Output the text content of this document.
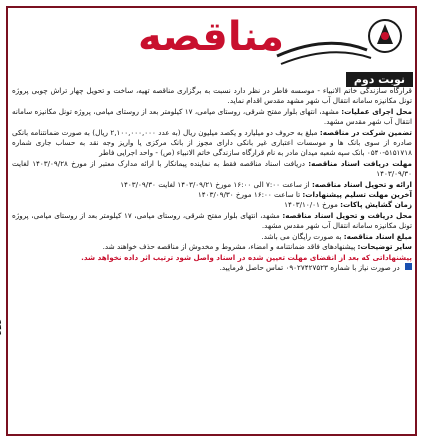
مناقصه
نوبت دوم

قرارگاه سازندگی خاتم الانبیاء - موسسه فاطر در نظر دارد نسبت به برگزاری مناقصه تهیه، ساخت و تحویل چهار تراش چوبی پروژه تونل مکانیزه سامانه انتقال آب شهر مشهد مقدس اقدام نماید.

محل اجرای عملیات: مشهد، انتهای بلوار مفتح شرقی، روستای میامی، ۱۷ کیلومتر بعد از روستای میامی، پروژه تونل مکانیزه سامانه انتقال آب شهر مقدس مشهد.

تضمین شرکت در مناقصه: مبلغ به حروف دو میلیارد و یکصد میلیون ریال (به عدد ۲,۱۰۰,۰۰۰,۰۰۰ ریال) به صورت ضمانتنامه بانکی صادره از سوی بانک ها و موسسات اعتباری غیر بانکی دارای مجوز از بانک مرکزی یا واریز وجه نقد به حساب جاری شماره ۵۱۵۱۷۱۸-۰۵۴۰ بانک سپه شعبه میدان مادر به نام قرارگاه سازندگی خاتم الانبیاء (ص) - واحد اجرایی فاطر

مهلت دریافت اسناد مناقصه: دریافت اسناد مناقصه فقط به نماینده پیمانکار با ارائه مدارک معتبر از مورخ ۱۴۰۳/۰۹/۲۸ لغایت ۱۴۰۳/۰۹/۳۰

ارائه و تحویل اسناد مناقصه: از ساعت ۷:۰۰ الی ۱۶:۰۰ مورخ ۱۴۰۳/۰۹/۲۱ لغایت ۱۴۰۳/۰۹/۳۰

آخرین مهلت تسلیم پیشنهادات: تا ساعت ۱۶:۰۰ مورخ ۱۴۰۳/۰۹/۳۰

زمان گشایش پاکات: مورخ ۱۴۰۳/۱۰/۰۱

محل دریافت و تحویل اسناد مناقصه: مشهد، انتهای بلوار مفتح شرقی، روستای میامی، ۱۷ کیلومتر بعد از روستای میامی، پروژه تونل مکانیزه سامانه انتقال آب شهر مقدس مشهد.

مبلغ اسناد مناقصه: به صورت رایگان می باشد.

سایر توضیحات: پیشنهادهای فاقد ضمانتنامه و امضاء، مشروط و مخدوش از مناقصه حذف خواهند شد.

پیشنهاداتی که بعد از انقضای مهلت تعیین شده در اسناد واصل شود ترتیب اثر داده نخواهد شد.

در صورت نیاز با شماره ۰۹۰۲۷۴۲۷۵۲۳ تماس حاصل فرمایید.
